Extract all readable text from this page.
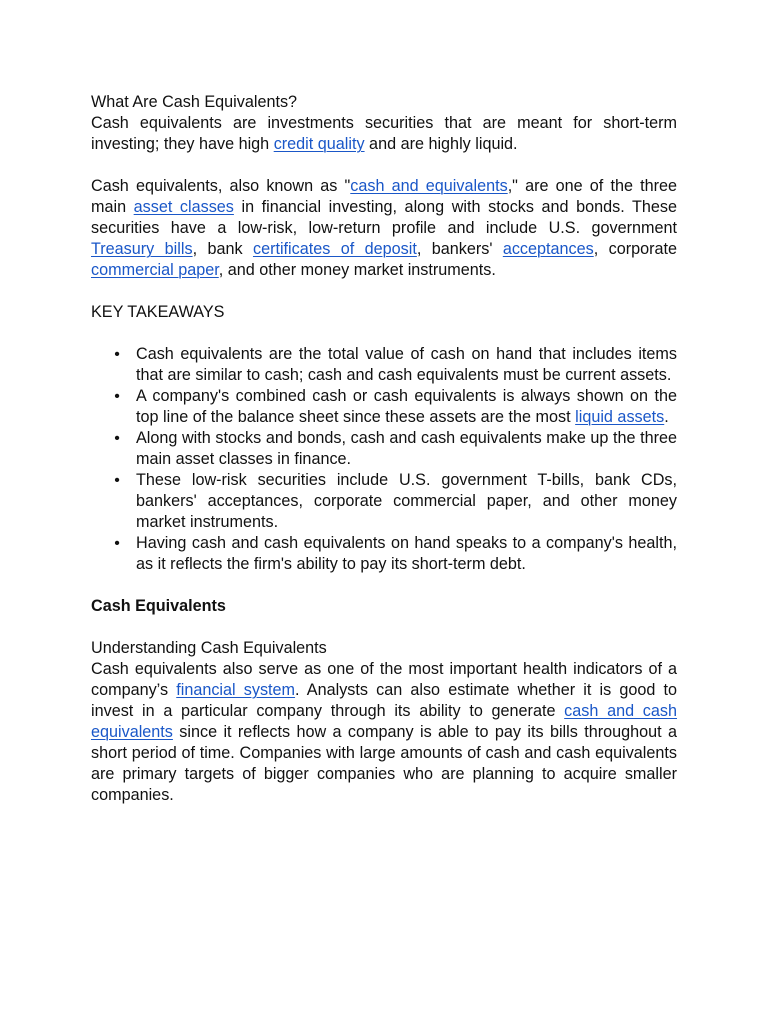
What Are Cash Equivalents?

Cash equivalents are investments securities that are meant for short-term investing; they have high credit quality and are highly liquid.

Cash equivalents, also known as "cash and equivalents," are one of the three main asset classes in financial investing, along with stocks and bonds. These securities have a low-risk, low-return profile and include U.S. government Treasury bills, bank certificates of deposit, bankers' acceptances, corporate commercial paper, and other money market instruments.

KEY TAKEAWAYS

• Cash equivalents are the total value of cash on hand that includes items that are similar to cash; cash and cash equivalents must be current assets.
• A company's combined cash or cash equivalents is always shown on the top line of the balance sheet since these assets are the most liquid assets.
• Along with stocks and bonds, cash and cash equivalents make up the three main asset classes in finance.
• These low-risk securities include U.S. government T-bills, bank CDs, bankers' acceptances, corporate commercial paper, and other money market instruments.
• Having cash and cash equivalents on hand speaks to a company's health, as it reflects the firm's ability to pay its short-term debt.

Cash Equivalents

Understanding Cash Equivalents

Cash equivalents also serve as one of the most important health indicators of a company’s financial system. Analysts can also estimate whether it is good to invest in a particular company through its ability to generate cash and cash equivalents since it reflects how a company is able to pay its bills throughout a short period of time. Companies with large amounts of cash and cash equivalents are primary targets of bigger companies who are planning to acquire smaller companies.
